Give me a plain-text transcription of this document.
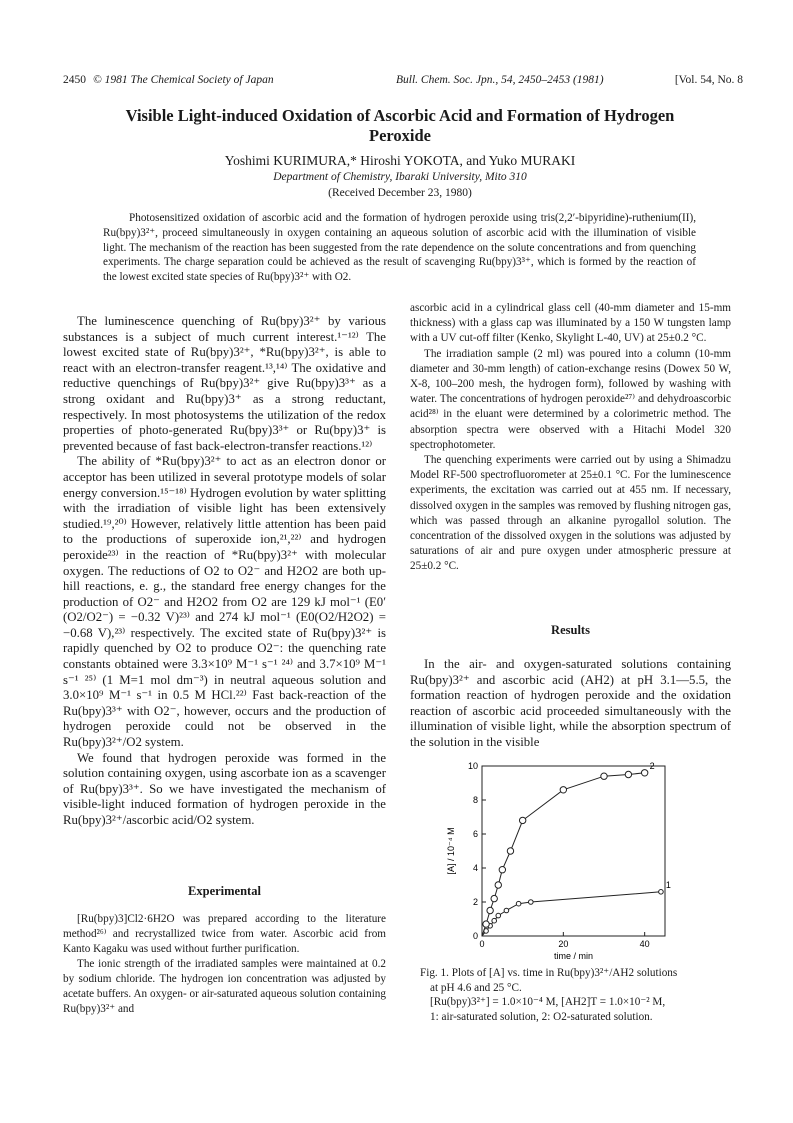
2450 © 1981 The Chemical Society of Japan	Bull. Chem. Soc. Jpn., 54, 2450–2453 (1981)	[Vol. 54, No. 8
Visible Light-induced Oxidation of Ascorbic Acid and Formation of Hydrogen Peroxide
Yoshimi KURIMURA,* Hiroshi YOKOTA, and Yuko MURAKI
Department of Chemistry, Ibaraki University, Mito 310
(Received December 23, 1980)

Photosensitized oxidation of ascorbic acid and the formation of hydrogen peroxide using tris(2,2′-bipyridine)-ruthenium(II), Ru(bpy)3²⁺, proceed simultaneously in oxygen containing an aqueous solution of ascorbic acid with the illumination of visible light. The mechanism of the reaction has been suggested from the rate dependence on the solute concentrations and from quenching experiments. The charge separation could be achieved as the result of scavenging Ru(bpy)3³⁺, which is formed by the reaction of the lowest excited state species of Ru(bpy)3²⁺ with O2.

The luminescence quenching of Ru(bpy)3²⁺ by various substances is a subject of much current interest.¹⁻¹²⁾ The lowest excited state of Ru(bpy)3²⁺, *Ru(bpy)3²⁺, is able to react with an electron-transfer reagent.¹³,¹⁴⁾ The oxidative and reductive quenchings of Ru(bpy)3²⁺ give Ru(bpy)3³⁺ as a strong oxidant and Ru(bpy)3⁺ as a strong reductant, respectively. In most photosystems the utilization of the redox properties of photo-generated Ru(bpy)3³⁺ or Ru(bpy)3⁺ is prevented because of fast back-electron-transfer reactions.¹²⁾

The ability of *Ru(bpy)3²⁺ to act as an electron donor or acceptor has been utilized in several prototype models of solar energy conversion.¹⁵⁻¹⁸⁾ Hydrogen evolution by water splitting with the irradiation of visible light has been extensively studied.¹⁹,²⁰⁾ However, relatively little attention has been paid to the productions of superoxide ion,²¹,²²⁾ and hydrogen peroxide²³⁾ in the reaction of *Ru(bpy)3²⁺ with molecular oxygen. The reductions of O2 to O2⁻ and H2O2 are both up-hill reactions, e. g., the standard free energy changes for the production of O2⁻ and H2O2 from O2 are 129 kJ mol⁻¹ (E0′(O2/O2⁻) = −0.32 V)²³⁾ and 274 kJ mol⁻¹ (E0(O2/H2O2) = −0.68 V),²³⁾ respectively. The excited state of Ru(bpy)3²⁺ is rapidly quenched by O2 to produce O2⁻: the quenching rate constants obtained were 3.3×10⁹ M⁻¹ s⁻¹ ²⁴⁾ and 3.7×10⁹ M⁻¹ s⁻¹ ²⁵⁾ (1 M=1 mol dm⁻³) in neutral aqueous solution and 3.0×10⁹ M⁻¹ s⁻¹ in 0.5 M HCl.²²⁾ Fast back-reaction of the Ru(bpy)3³⁺ with O2⁻, however, occurs and the production of hydrogen peroxide could not be observed in the Ru(bpy)3²⁺/O2 system.

We found that hydrogen peroxide was formed in the solution containing oxygen, using ascorbate ion as a scavenger of Ru(bpy)3³⁺. So we have investigated the mechanism of visible-light induced formation of hydrogen peroxide in the Ru(bpy)3²⁺/ascorbic acid/O2 system.

Experimental

[Ru(bpy)3]Cl2·6H2O was prepared according to the literature method²⁶⁾ and recrystallized twice from water. Ascorbic acid from Kanto Kagaku was used without further purification.

The ionic strength of the irradiated samples were maintained at 0.2 by sodium chloride. The hydrogen ion concentration was adjusted by acetate buffers. An oxygen- or air-saturated aqueous solution containing Ru(bpy)3²⁺ and

ascorbic acid in a cylindrical glass cell (40-mm diameter and 15-mm thickness) with a glass cap was illuminated by a 150 W tungsten lamp with a UV cut-off filter (Kenko, Skylight L-40, UV) at 25±0.2 °C.

The irradiation sample (2 ml) was poured into a column (10-mm diameter and 30-mm length) of cation-exchange resins (Dowex 50 W, X-8, 100–200 mesh, the hydrogen form), followed by washing with water. The concentrations of hydrogen peroxide²⁷⁾ and dehydroascorbic acid²⁸⁾ in the eluant were determined by a colorimetric method. The absorption spectra were observed with a Hitachi Model 320 spectrophotometer.

The quenching experiments were carried out by using a Shimadzu Model RF-500 spectrofluorometer at 25±0.1 °C. For the luminescence experiments, the excitation was carried out at 455 nm. If necessary, dissolved oxygen in the samples was removed by flushing nitrogen gas, which was passed through an alkanine pyrogallol solution. The concentration of the dissolved oxygen in the solutions was adjusted by saturations of air and pure oxygen under atmospheric pressure at 25±0.2 °C.

Results

In the air- and oxygen-saturated solutions containing Ru(bpy)3²⁺ and ascorbic acid (AH2) at pH 3.1—5.5, the formation reaction of hydrogen peroxide and the oxidation reaction of ascorbic acid proceeded simultaneously with the illumination of visible light, while the absorption spectrum of the solution in the visible

0
2
4
6
8
10
0	20	40
time / min
[A] / 10⁻⁴ M
1
2
Fig. 1. Plots of [A] vs. time in Ru(bpy)3²⁺/AH2 solutions
at pH 4.6 and 25 °C.
[Ru(bpy)3²⁺] = 1.0×10⁻⁴ M, [AH2]T = 1.0×10⁻² M,
1: air-saturated solution, 2: O2-saturated solution.
